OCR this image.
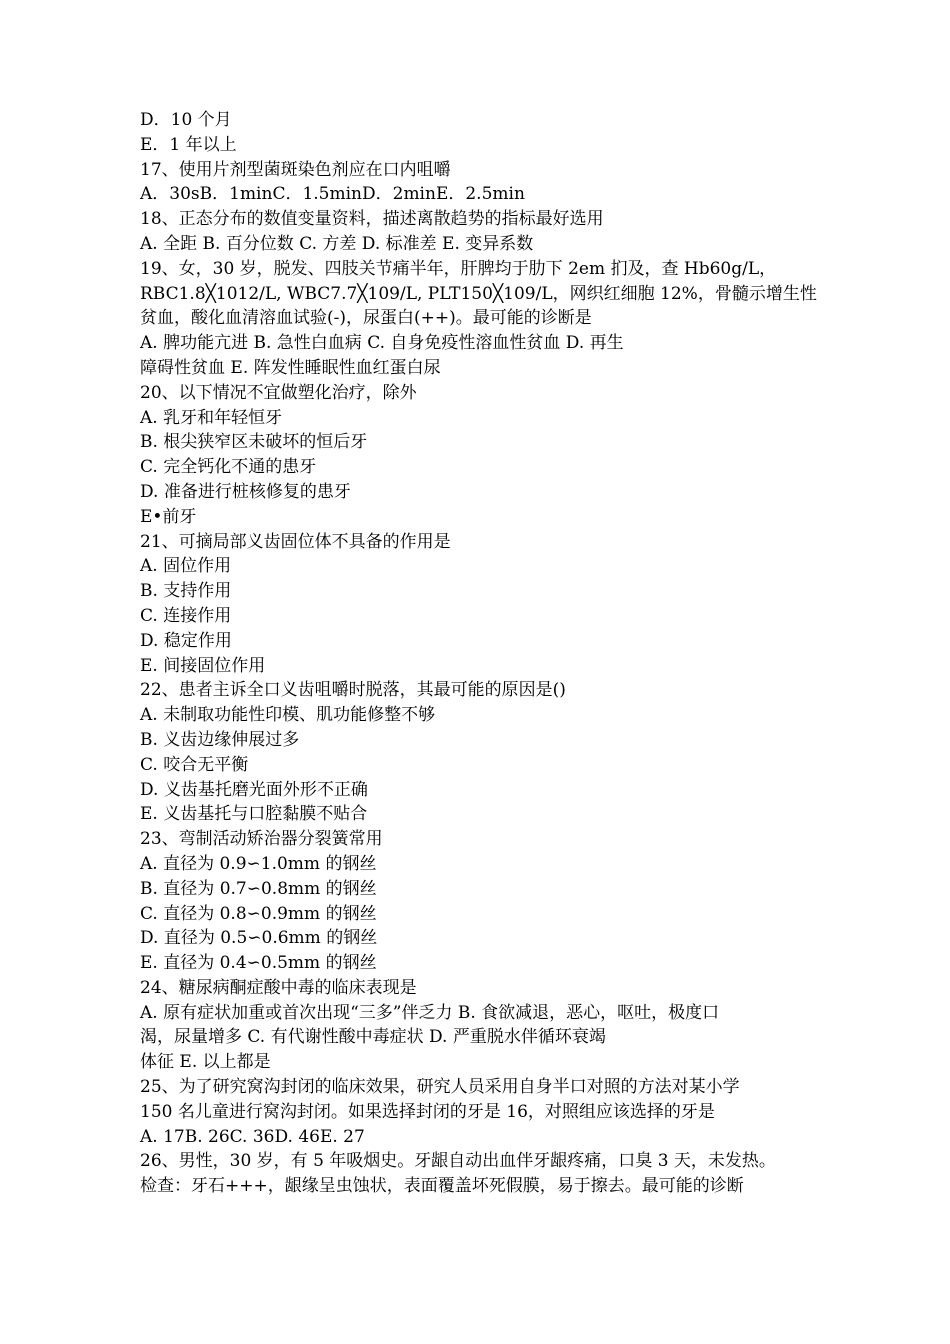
D．10 个月
E．1 年以上
17、使用片剂型菌斑染色剂应在口内咀嚼
A．30sB．1minC．1.5minD．2minE．2.5min
18、正态分布的数值变量资料，描述离散趋势的指标最好选用
A. 全距 B. 百分位数 C. 方差 D. 标准差 E. 变异系数
19、女，30 岁，脱发、四肢关节痛半年，肝脾均于肋下 2em 扪及，查 Hb60g/L，
RBC1.8╳1012/L, WBC7.7╳109/L, PLT150╳109/L，网织红细胞 12%，骨髓示增生性
贫血，酸化血清溶血试验(-)，尿蛋白(++)。最可能的诊断是
A. 脾功能亢进 B. 急性白血病 C. 自身免疫性溶血性贫血 D. 再生
障碍性贫血 E. 阵发性睡眠性血红蛋白尿
20、以下情况不宜做塑化治疗，除外
A. 乳牙和年轻恒牙
B. 根尖狭窄区未破坏的恒后牙
C. 完全钙化不通的患牙
D. 准备进行桩核修复的患牙
E•前牙
21、可摘局部义齿固位体不具备的作用是
A. 固位作用
B. 支持作用
C. 连接作用
D. 稳定作用
E. 间接固位作用
22、患者主诉全口义齿咀嚼时脱落，其最可能的原因是()
A. 未制取功能性印模、肌功能修整不够
B. 义齿边缘伸展过多
C. 咬合无平衡
D. 义齿基托磨光面外形不正确
E. 义齿基托与口腔黏膜不贴合
23、弯制活动矫治器分裂簧常用
A. 直径为 0.9∽1.0mm 的钢丝
B. 直径为 0.7∽0.8mm 的钢丝
C. 直径为 0.8∽0.9mm 的钢丝
D. 直径为 0.5∽0.6mm 的钢丝
E. 直径为 0.4∽0.5mm 的钢丝
24、糖尿病酮症酸中毒的临床表现是
A. 原有症状加重或首次出现“三多”伴乏力 B. 食欲减退，恶心，呕吐，极度口
渴，尿量增多 C. 有代谢性酸中毒症状 D. 严重脱水伴循环衰竭
体征 E. 以上都是
25、为了研究窝沟封闭的临床效果，研究人员采用自身半口对照的方法对某小学
150 名儿童进行窝沟封闭。如果选择封闭的牙是 16，对照组应该选择的牙是
A. 17B. 26C. 36D. 46E. 27
26、男性，30 岁，有 5 年吸烟史。牙龈自动出血伴牙龈疼痛，口臭 3 天，未发热。
检查：牙石+++，龈缘呈虫蚀状，表面覆盖坏死假膜，易于擦去。最可能的诊断
